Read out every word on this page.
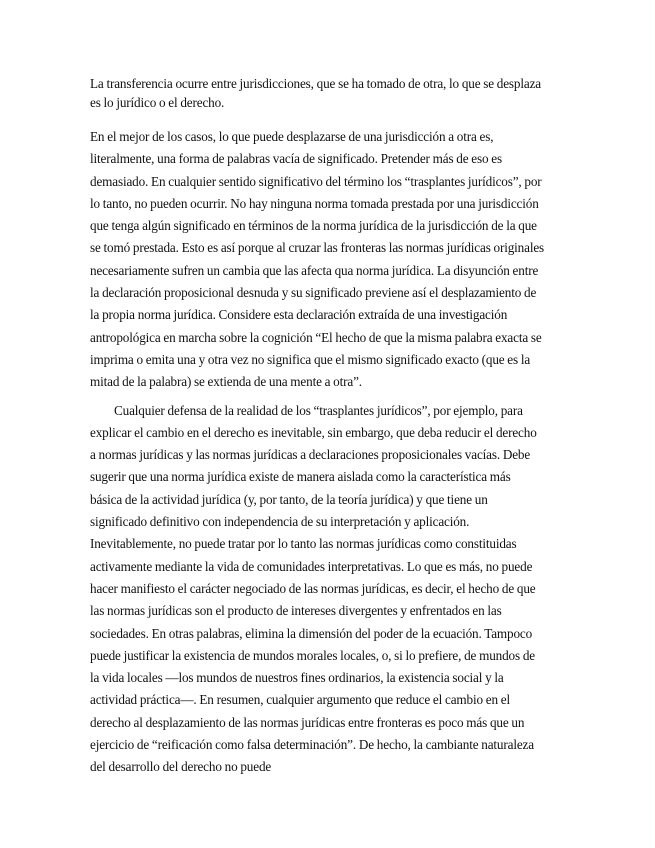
La transferencia ocurre entre jurisdicciones, que se ha tomado de otra, lo que se desplaza es lo jurídico o el derecho.

En el mejor de los casos, lo que puede desplazarse de una jurisdicción a otra es, literalmente, una forma de palabras vacía de significado. Pretender más de eso es demasiado. En cualquier sentido significativo del término los “trasplantes jurídicos”, por lo tanto, no pueden ocurrir. No hay ninguna norma tomada prestada por una jurisdicción que tenga algún significado en términos de la norma jurídica de la jurisdicción de la que se tomó prestada. Esto es así porque al cruzar las fronteras las normas jurídicas originales necesariamente sufren un cambia que las afecta qua norma jurídica. La disyunción entre la declaración proposicional desnuda y su significado previene así el desplazamiento de la propia norma jurídica. Considere esta declaración extraída de una investigación antropológica en marcha sobre la cognición “El hecho de que la misma palabra exacta se imprima o emita una y otra vez no significa que el mismo significado exacto (que es la mitad de la palabra) se extienda de una mente a otra”.

Cualquier defensa de la realidad de los “trasplantes jurídicos”, por ejemplo, para explicar el cambio en el derecho es inevitable, sin embargo, que deba reducir el derecho a normas jurídicas y las normas jurídicas a declaraciones proposicionales vacías. Debe sugerir que una norma jurídica existe de manera aislada como la característica más básica de la actividad jurídica (y, por tanto, de la teoría jurídica) y que tiene un significado definitivo con independencia de su interpretación y aplicación. Inevitablemente, no puede tratar por lo tanto las normas jurídicas como constituidas activamente mediante la vida de comunidades interpretativas. Lo que es más, no puede hacer manifiesto el carácter negociado de las normas jurídicas, es decir, el hecho de que las normas jurídicas son el producto de intereses divergentes y enfrentados en las sociedades. En otras palabras, elimina la dimensión del poder de la ecuación. Tampoco puede justificar la existencia de mundos morales locales, o, si lo prefiere, de mundos de la vida locales —los mundos de nuestros fines ordinarios, la existencia social y la actividad práctica—. En resumen, cualquier argumento que reduce el cambio en el derecho al desplazamiento de las normas jurídicas entre fronteras es poco más que un ejercicio de “reificación como falsa determinación”. De hecho, la cambiante naturaleza del desarrollo del derecho no puede
